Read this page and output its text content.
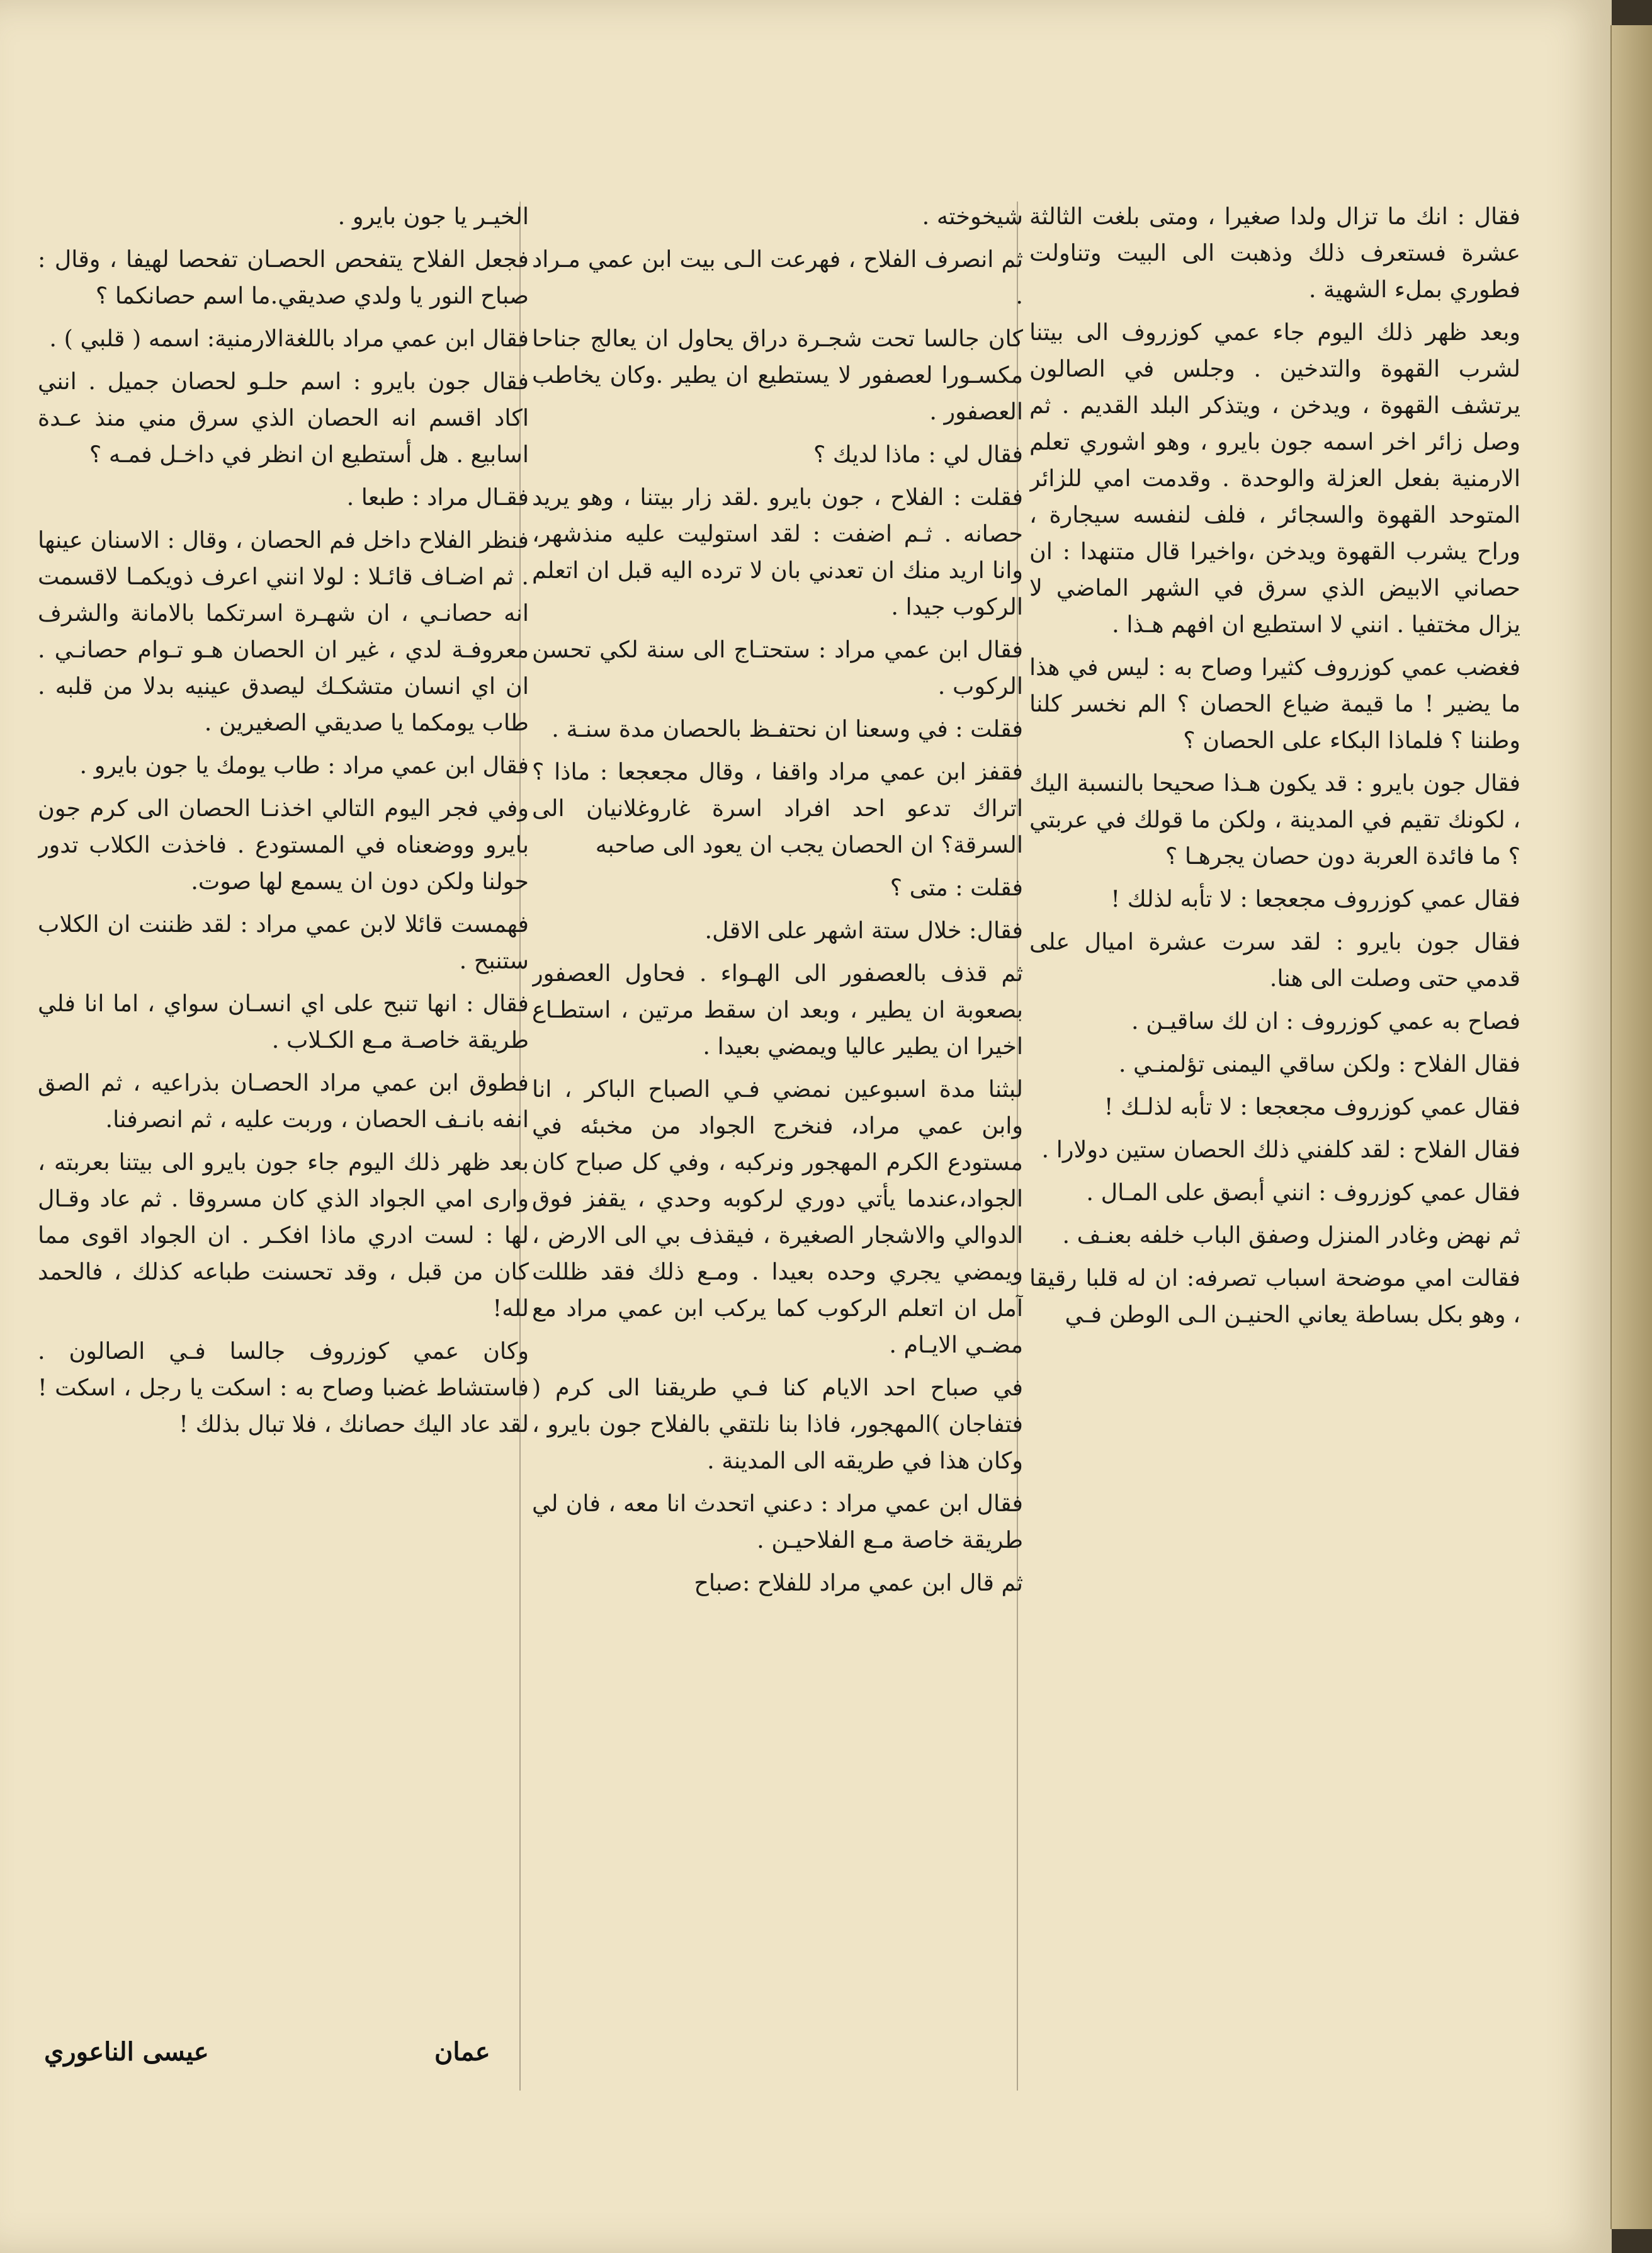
فقال : انك ما تزال ولدا صغيرا ، ومتى بلغت الثالثة عشرة فستعرف ذلك وذهبت الى البيت وتناولت فطوري بملء الشهية .

وبعد ظهر ذلك اليوم جاء عمي كوزروف الى بيتنا لشرب القهوة والتدخين . وجلس في الصالون يرتشف القهوة ، ويدخن ، ويتذكر البلد القديم . ثم وصل زائر اخر اسمه جون بايرو ، وهو اشوري تعلم الارمنية بفعل العزلة والوحدة . وقدمت امي للزائر المتوحد القهوة والسجائر ، فلف لنفسه سيجارة ، وراح يشرب القهوة ويدخن ،واخيرا قال متنهدا : ان حصاني الابيض الذي سرق في الشهر الماضي لا يزال مختفيا . انني لا استطيع ان افهم هـذا .

فغضب عمي كوزروف كثيرا وصاح به : ليس في هذا ما يضير ! ما قيمة ضياع الحصان ؟ الم نخسر كلنا وطننا ؟ فلماذا البكاء على الحصان ؟

فقال جون بايرو : قد يكون هـذا صحيحا بالنسبة اليك ، لكونك تقيم في المدينة ، ولكن ما قولك في عربتي ؟ ما فائدة العربة دون حصان يجرهـا ؟

فقال عمي كوزروف مجعجعا : لا تأبه لذلك !

فقال جون بايرو : لقد سرت عشرة اميال على قدمي حتى وصلت الى هنا.

فصاح به عمي كوزروف : ان لك ساقيـن .

فقال الفلاح : ولكن ساقي اليمنى تؤلمنـي .

فقال عمي كوزروف مجعجعا : لا تأبه لذلـك !

فقال الفلاح : لقد كلفني ذلك الحصان ستين دولارا .

فقال عمي كوزروف : انني أبصق على المـال .

ثم نهض وغادر المنزل وصفق الباب خلفه بعنـف .

فقالت امي موضحة اسباب تصرفه: ان له قلبا رقيقا ، وهو بكل بساطة يعاني الحنيـن الـى الوطن فـي

شيخوخته .

ثم انصرف الفلاح ، فهرعت الـى بيت ابن عمي مـراد .

كان جالسا تحت شجـرة دراق يحاول ان يعالج جناحا مكسـورا لعصفور لا يستطيع ان يطير .وكان يخاطب العصفور .

فقال لي : ماذا لديك ؟

فقلت : الفلاح ، جون بايرو .لقد زار بيتنا ، وهو يريد حصانه . ثـم اضفت : لقد استوليت عليه منذشهر، وانا اريد منك ان تعدني بان لا ترده اليه قبل ان اتعلم الركوب جيدا .

فقال ابن عمي مراد : ستحتـاج الى سنة لكي تحسن الركوب .

فقلت : في وسعنا ان نحتفـظ بالحصان مدة سنـة .

فقفز ابن عمي مراد واقفا ، وقال مجعجعا : ماذا ؟ اتراك تدعو احد افراد اسرة غاروغلانيان الى السرقة؟ ان الحصان يجب ان يعود الى صاحبه

فقلت : متى ؟

فقال: خلال ستة اشهر على الاقل.

ثم قذف بالعصفور الى الهـواء . فحاول العصفور بصعوبة ان يطير ، وبعد ان سقط مرتين ، استطـاع اخيرا ان يطير عاليا ويمضي بعيدا .

لبثنا مدة اسبوعين نمضي فـي الصباح الباكر ، انا وابن عمي مراد، فنخرج الجواد من مخبئه في مستودع الكرم المهجور ونركبه ، وفي كل صباح كان الجواد،عندما يأتي دوري لركوبه وحدي ، يقفز فوق الدوالي والاشجار الصغيرة ، فيقذف بي الى الارض ، ويمضي يجري وحده بعيدا . ومـع ذلك فقد ظللت آمل ان اتعلم الركوب كما يركب ابن عمي مراد مع مضـي الايـام .

في صباح احد الايام كنا فـي طريقنا الى كرم ( فتفاجان )المهجور، فاذا بنا نلتقي بالفلاح جون بايرو ، وكان هذا في طريقه الى المدينة .

فقال ابن عمي مراد : دعني اتحدث انا معه ، فان لي طريقة خاصة مـع الفلاحيـن .

ثم قال ابن عمي مراد للفلاح :صباح

الخيـر يا جون بايرو .

فجعل الفلاح يتفحص الحصـان تفحصا لهيفا ، وقال : صباح النور يا ولدي صديقي.ما اسم حصانكما ؟

فقال ابن عمي مراد باللغةالارمنية: اسمه ( قلبي ) .

فقال جون بايرو : اسم حلـو لحصان جميل . انني اكاد اقسم انه الحصان الذي سرق مني منذ عـدة اسابيع . هل أستطيع ان انظر في داخـل فمـه ؟

فقـال مراد : طبعا .

فنظر الفلاح داخل فم الحصان ، وقال : الاسنان عينها . ثم اضـاف قائـلا : لولا انني اعرف ذويكمـا لاقسمت انه حصانـي ، ان شهـرة اسرتكما بالامانة والشرف معروفـة لدي ، غير ان الحصان هـو تـوام حصانـي . ان اي انسان متشكـك ليصدق عينيه بدلا من قلبه . طاب يومكما يا صديقي الصغيرين .

فقال ابن عمي مراد : طاب يومك يا جون بايرو .

وفي فجر اليوم التالي اخذنـا الحصان الى كرم جون بايرو ووضعناه في المستودع . فاخذت الكلاب تدور حولنا ولكن دون ان يسمع لها صوت.

فهمست قائلا لابن عمي مراد : لقد ظننت ان الكلاب ستنبح .

فقال : انها تنبح على اي انسـان سواي ، اما انا فلي طريقة خاصـة مـع الكـلاب .

فطوق ابن عمي مراد الحصـان بذراعيه ، ثم الصق انفه بانـف الحصان ، وربت عليه ، ثم انصرفنا.

بعد ظهر ذلك اليوم جاء جون بايرو الى بيتنا بعربته ، وارى امي الجواد الذي كان مسروقا . ثم عاد وقـال لها : لست ادري ماذا افكـر . ان الجواد اقوى مما كان من قبل ، وقد تحسنت طباعه كذلك ، فالحمد لله!

وكان عمي كوزروف جالسا فـي الصالون . فاستشاط غضبا وصاح به : اسكت يا رجل ، اسكت ! لقد عاد اليك حصانك ، فلا تبال بذلك !

عمان
عيسى الناعوري
